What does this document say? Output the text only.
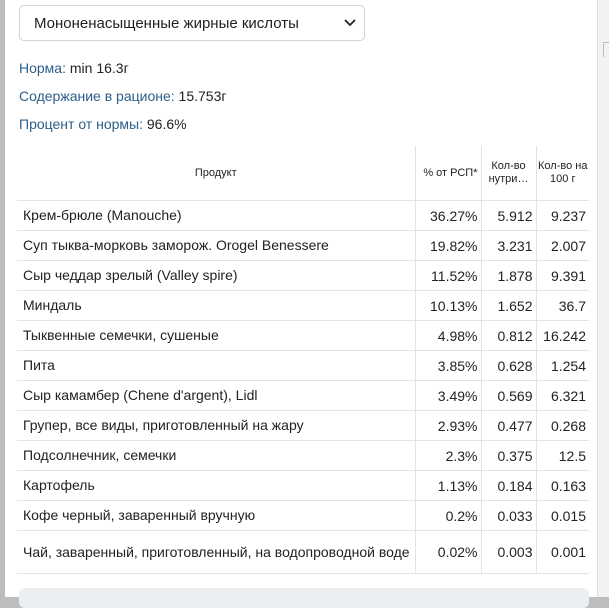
Мононенасыщенные жирные кислоты
Норма: min 16.3г
Содержание в рационе: 15.753г
Процент от нормы: 96.6%
Продукт	% от РСП*	Кол-во нутри…	Кол-во на 100 г
Крем-брюле (Manouche)	36.27%	5.912	9.237
Суп тыква-морковь заморож. Orogel Benessere	19.82%	3.231	2.007
Сыр чеддар зрелый (Valley spire)	11.52%	1.878	9.391
Миндаль	10.13%	1.652	36.7
Тыквенные семечки, сушеные	4.98%	0.812	16.242
Пита	3.85%	0.628	1.254
Сыр камамбер (Chene d'argent), Lidl	3.49%	0.569	6.321
Групер, все виды, приготовленный на жару	2.93%	0.477	0.268
Подсолнечник, семечки	2.3%	0.375	12.5
Картофель	1.13%	0.184	0.163
Кофе черный, заваренный вручную	0.2%	0.033	0.015
Чай, заваренный, приготовленный, на водопроводной воде	0.02%	0.003	0.001
